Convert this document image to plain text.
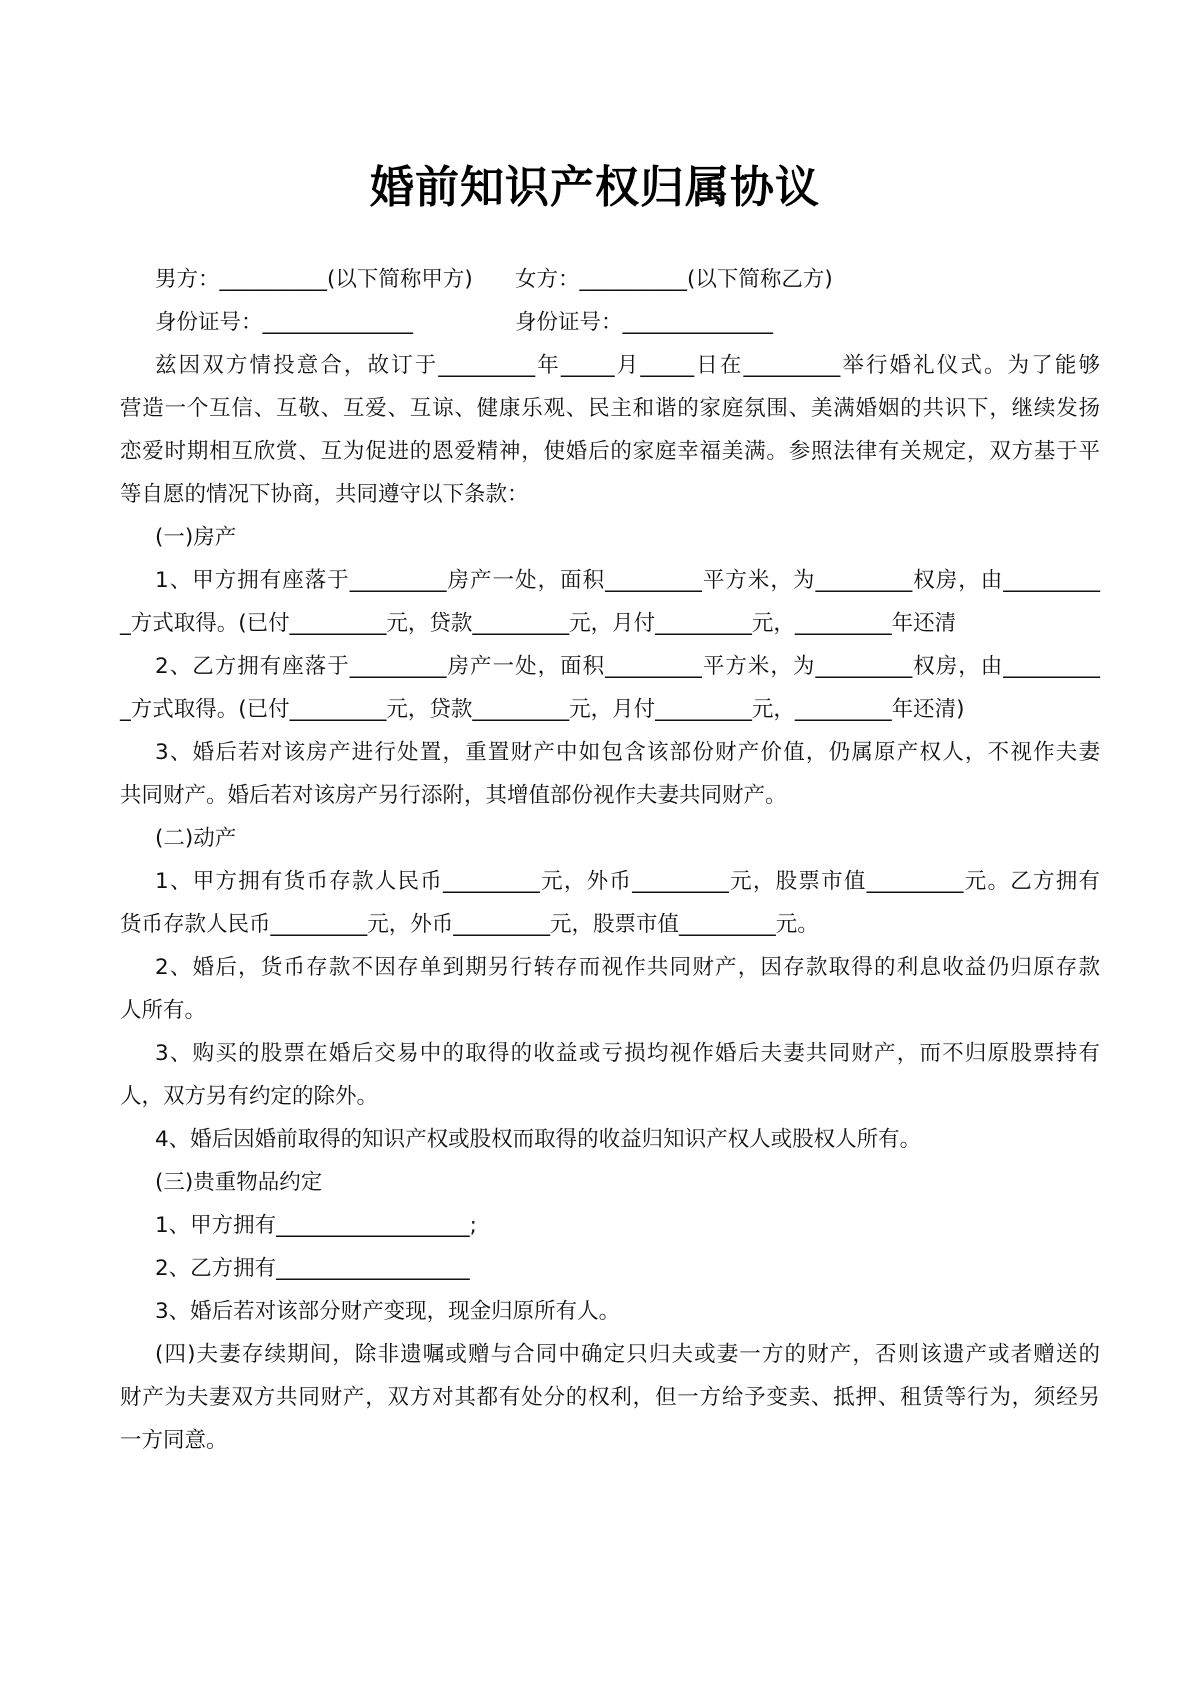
婚前知识产权归属协议
男方：__________(以下简称甲方) 女方：__________(以下简称乙方)
身份证号：______________	身份证号：______________
兹因双方情投意合，故订于_________年_____月_____日在_________举行婚礼仪式。为了能够
营造一个互信、互敬、互爱、互谅、健康乐观、民主和谐的家庭氛围、美满婚姻的共识下，继续发扬
恋爱时期相互欣赏、互为促进的恩爱精神，使婚后的家庭幸福美满。参照法律有关规定，双方基于平
等自愿的情况下协商，共同遵守以下条款：
(一)房产
1、甲方拥有座落于_________房产一处，面积_________平方米，为_________权房，由_________
_方式取得。(已付_________元，贷款_________元，月付_________元，_________年还清
2、乙方拥有座落于_________房产一处，面积_________平方米，为_________权房，由_________
_方式取得。(已付_________元，贷款_________元，月付_________元，_________年还清)
3、婚后若对该房产进行处置，重置财产中如包含该部份财产价值，仍属原产权人，不视作夫妻
共同财产。婚后若对该房产另行添附，其增值部份视作夫妻共同财产。
(二)动产
1、甲方拥有货币存款人民币_________元，外币_________元，股票市值_________元。乙方拥有
货币存款人民币_________元，外币_________元，股票市值_________元。
2、婚后，货币存款不因存单到期另行转存而视作共同财产，因存款取得的利息收益仍归原存款
人所有。
3、购买的股票在婚后交易中的取得的收益或亏损均视作婚后夫妻共同财产，而不归原股票持有
人，双方另有约定的除外。
4、婚后因婚前取得的知识产权或股权而取得的收益归知识产权人或股权人所有。
(三)贵重物品约定
1、甲方拥有__________________;
2、乙方拥有__________________
3、婚后若对该部分财产变现，现金归原所有人。
(四)夫妻存续期间，除非遗嘱或赠与合同中确定只归夫或妻一方的财产，否则该遗产或者赠送的
财产为夫妻双方共同财产，双方对其都有处分的权利，但一方给予变卖、抵押、租赁等行为，须经另
一方同意。
